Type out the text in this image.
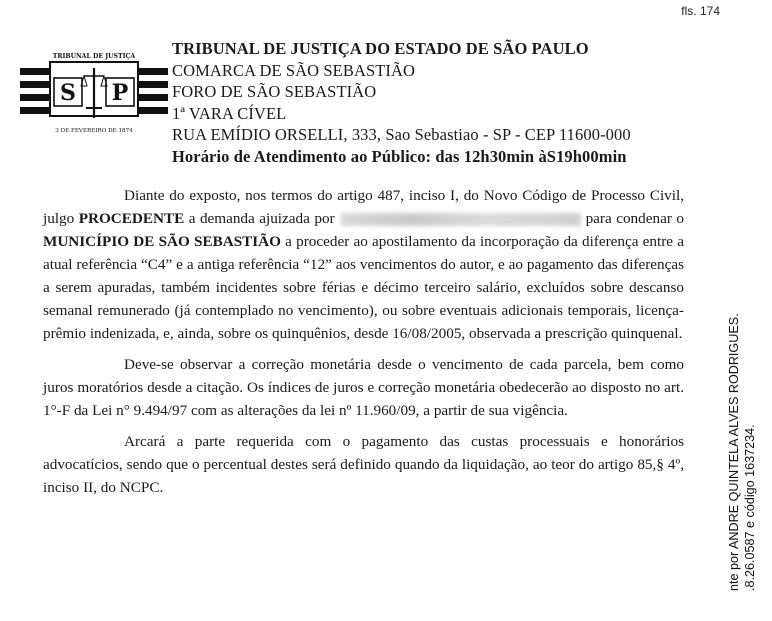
fls. 174
S P
TRIBUNAL DE JUSTIÇA
3 DE FEVEREIRO DE 1874
TRIBUNAL DE JUSTIÇA DO ESTADO DE SÃO PAULO
COMARCA DE SÃO SEBASTIÃO
FORO DE SÃO SEBASTIÃO
1ª VARA CÍVEL
RUA EMÍDIO ORSELLI, 333, Sao Sebastiao - SP - CEP 11600-000
Horário de Atendimento ao Público: das 12h30min àS19h00min

Diante do exposto, nos termos do artigo 487, inciso I, do Novo Código de Processo Civil, julgo PROCEDENTE a demanda ajuizada por	para condenar o MUNICÍPIO DE SÃO SEBASTIÃO a proceder ao apostilamento da incorporação da diferença entre a atual referência “C4” e a antiga referência “12” aos vencimentos do autor, e ao pagamento das diferenças a serem apuradas, também incidentes sobre férias e décimo terceiro salário, excluídos sobre descanso semanal remunerado (já contemplado no vencimento), ou sobre eventuais adicionais temporais, licença-prêmio indenizada, e, ainda, sobre os quinquênios, desde 16/08/2005, observada a prescrição quinquenal.

Deve-se observar a correção monetária desde o vencimento de cada parcela, bem como juros moratórios desde a citação. Os índices de juros e correção monetária obedecerão ao disposto no art. 1°-F da Lei n° 9.494/97 com as alterações da lei nº 11.960/09, a partir de sua vigência.

Arcará a parte requerida com o pagamento das custas processuais e honorários advocatícios, sendo que o percentual destes será definido quando da liquidação, ao teor do artigo 85,§ 4º, inciso II, do NCPC.	nte por ANDRE QUINTELA ALVES RODRIGUES. .8.26.0587 e código 1637234.
